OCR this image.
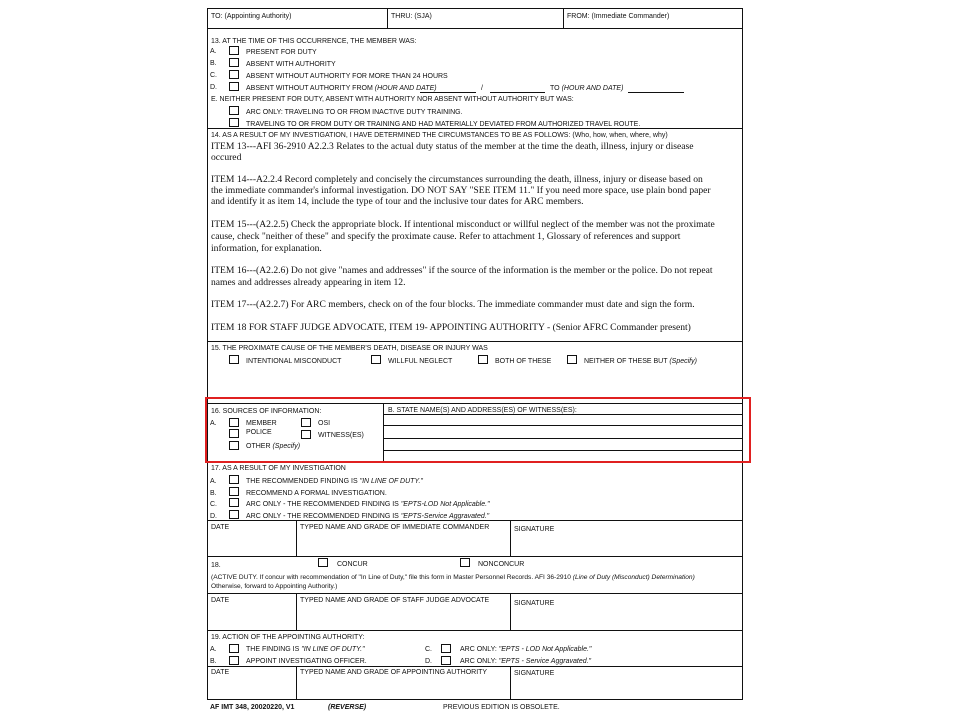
TO: (Appointing Authority)	THRU: (SJA)	FROM: (Immediate Commander)
13. AT THE TIME OF THIS OCCURRENCE, THE MEMBER WAS:
A.	PRESENT FOR DUTY
B.	ABSENT WITH AUTHORITY
C.	ABSENT WITHOUT AUTHORITY FOR MORE THAN 24 HOURS
D.	ABSENT WITHOUT AUTHORITY FROM (HOUR AND DATE)	/	TO (HOUR AND DATE)
E. NEITHER PRESENT FOR DUTY, ABSENT WITH AUTHORITY NOR ABSENT WITHOUT AUTHORITY BUT WAS:
ARC ONLY: TRAVELING TO OR FROM INACTIVE DUTY TRAINING.
TRAVELING TO OR FROM DUTY OR TRAINING AND HAD MATERIALLY DEVIATED FROM AUTHORIZED TRAVEL ROUTE.
14. AS A RESULT OF MY INVESTIGATION, I HAVE DETERMINED THE CIRCUMSTANCES TO BE AS FOLLOWS: (Who, how, when, where, why)
ITEM 13---AFI 36-2910 A2.2.3 Relates to the actual duty status of the member at the time the death, illness, injury or disease
occured
ITEM 14---A2.2.4 Record completely and concisely the circumstances surrounding the death, illness, injury or disease based on
the immediate commander's informal investigation. DO NOT SAY "SEE ITEM 11." If you need more space, use plain bond paper
and identify it as item 14, include the type of tour and the inclusive tour dates for ARC members.
ITEM 15---(A2.2.5) Check the appropriate block. If intentional misconduct or willful neglect of the member was not the proximate
cause, check "neither of these" and specify the proximate cause. Refer to attachment 1, Glossary of references and support
information, for explanation.
ITEM 16---(A2.2.6) Do not give "names and addresses" if the source of the information is the member or the police. Do not repeat
names and addresses already appearing in item 12.
ITEM 17---(A2.2.7) For ARC members, check on of the four blocks. The immediate commander must date and sign the form.
ITEM 18 FOR STAFF JUDGE ADVOCATE, ITEM 19- APPOINTING AUTHORITY - (Senior AFRC Commander present)
15. THE PROXIMATE CAUSE OF THE MEMBER'S DEATH, DISEASE OR INJURY WAS
INTENTIONAL MISCONDUCT	WILLFUL NEGLECT	BOTH OF THESE	NEITHER OF THESE BUT (Specify)
16. SOURCES OF INFORMATION:
A.	MEMBER	OSI
POLICE	WITNESS(ES)
OTHER (Specify)
B. STATE NAME(S) AND ADDRESS(ES) OF WITNESS(ES):
17. AS A RESULT OF MY INVESTIGATION
A.	THE RECOMMENDED FINDING IS "IN LINE OF DUTY."
B.	RECOMMEND A FORMAL INVESTIGATION.
C.	ARC ONLY - THE RECOMMENDED FINDING IS "EPTS-LOD Not Applicable."
D.	ARC ONLY - THE RECOMMENDED FINDING IS "EPTS-Service Aggravated."
DATE	TYPED NAME AND GRADE OF IMMEDIATE COMMANDER	SIGNATURE
18.	CONCUR	NONCONCUR
(ACTIVE DUTY. If concur with recommendation of "In Line of Duty," file this form in Master Personnel Records. AFI 36-2910 (Line of Duty (Misconduct) Determination)
Otherwise, forward to Appointing Authority.)
DATE	TYPED NAME AND GRADE OF STAFF JUDGE ADVOCATE	SIGNATURE
19. ACTION OF THE APPOINTING AUTHORITY:
A.	THE FINDING IS "IN LINE OF DUTY."
B.	APPOINT INVESTIGATING OFFICER.
C.	ARC ONLY: "EPTS - LOD Not Applicable."
D.	ARC ONLY: "EPTS - Service Aggravated."
DATE	TYPED NAME AND GRADE OF APPOINTING AUTHORITY	SIGNATURE
AF IMT 348, 20020220, V1	(REVERSE)	PREVIOUS EDITION IS OBSOLETE.
